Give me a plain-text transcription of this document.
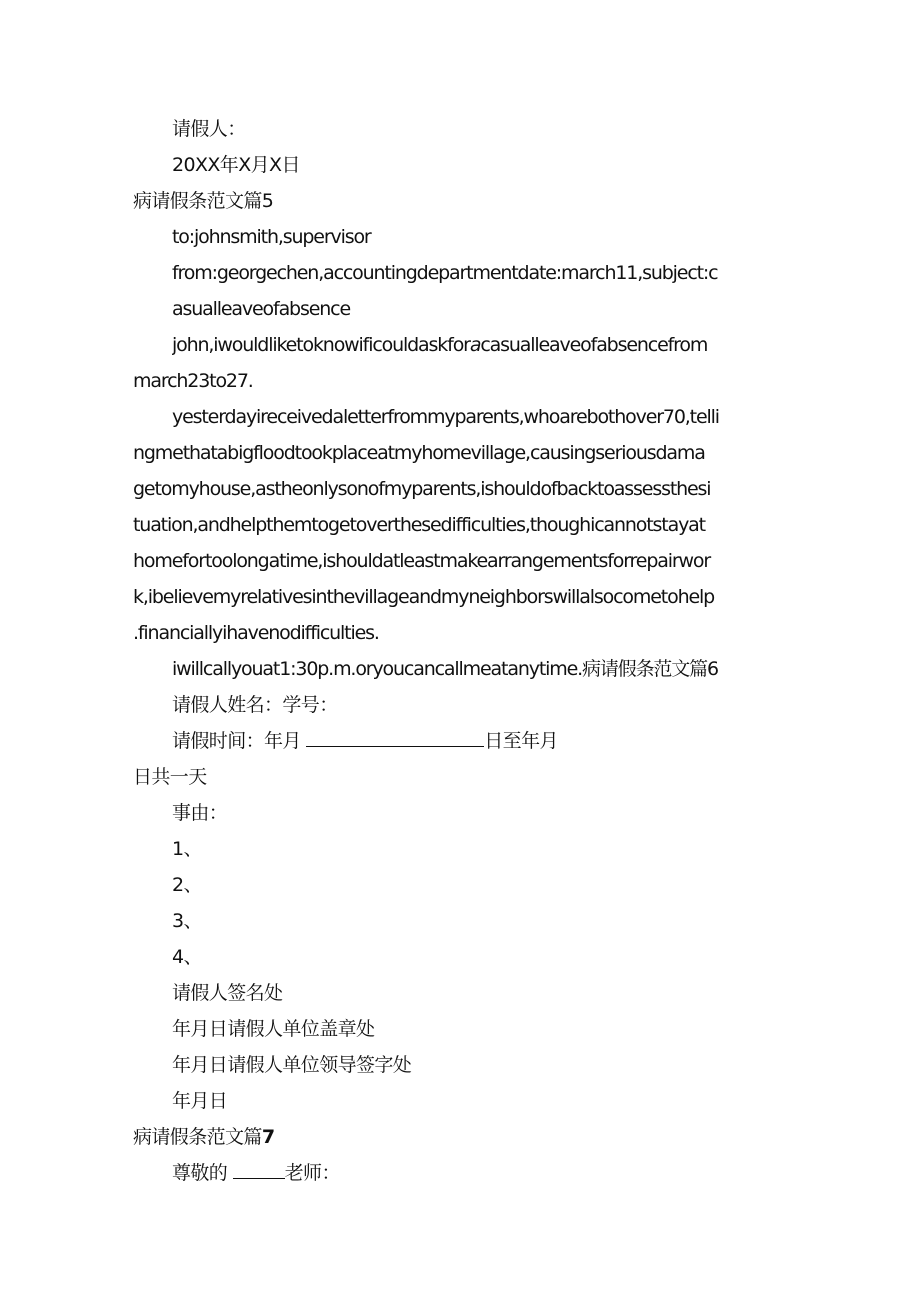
请假人：
20XX年X月X日
病请假条范文篇5
to:johnsmith,supervisor
from:georgechen,accountingdepartmentdate:march11,subject:c
asualleaveofabsence
john,iwouldliketoknowificouldaskforacasualleaveofabsencefrom
march23to27.
yesterdayireceivedaletterfrommyparents,whoarebothover70,telli
ngmethatabigfloodtookplaceatmyhomevillage,causingseriousdama
getomyhouse,astheonlysonofmyparents,ishouldofbacktoassessthesi
tuation,andhelpthemtogetoverthesedifficulties,thoughicannotstayat
homefortoolongatime,ishouldatleastmakearrangementsforrepairwor
k,ibelievemyrelativesinthevillageandmyneighborswillalsocometohelp
.financiallyihavenodifficulties.
iwillcallyouat1:30p.m.oryoucancallmeatanytime.病请假条范文篇6
请假人姓名：学号：
请假时间：年月	日至年月
日共一天
事由：
1、
2、
3、
4、
请假人签名处
年月日请假人单位盖章处
年月日请假人单位领导签字处
年月日
病请假条范文篇7
尊敬的	老师：
